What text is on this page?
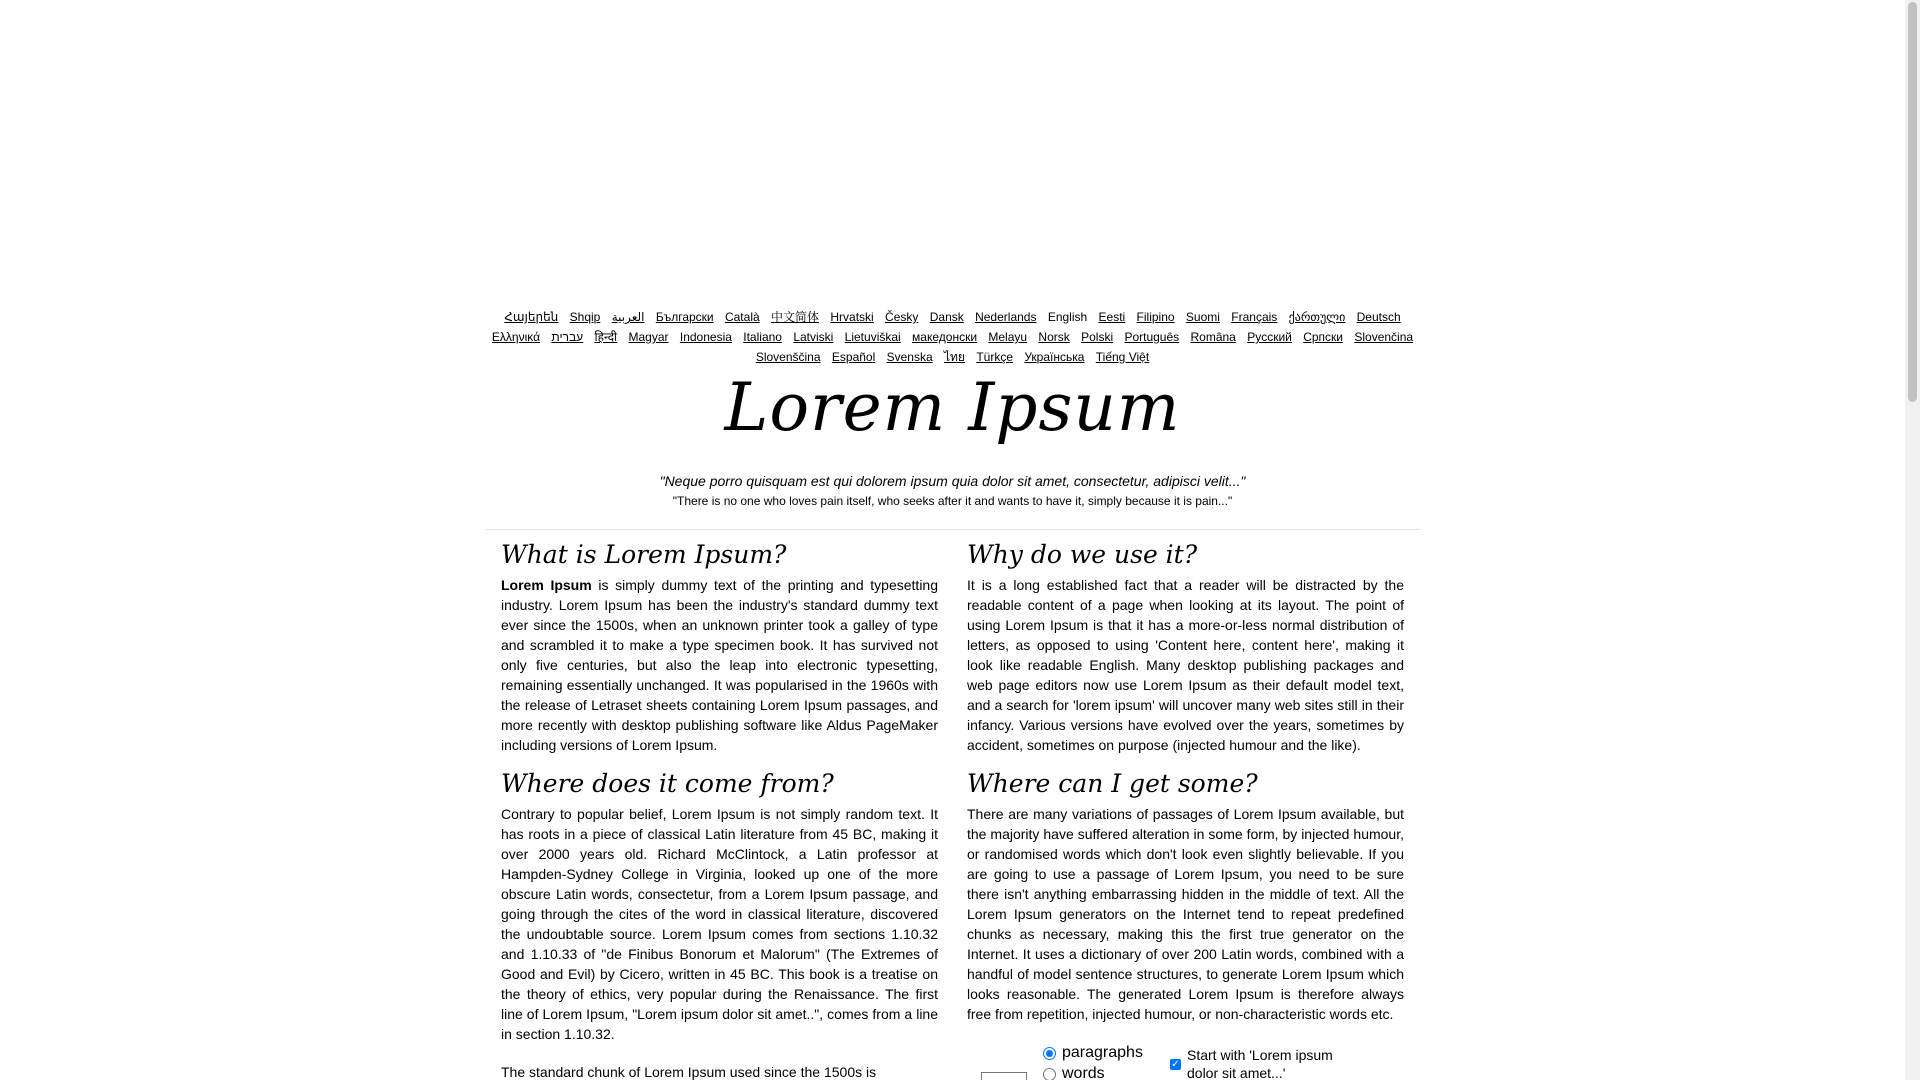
Հայերեն Shqip العربية Български Català 中文简体 Hrvatski Česky Dansk Nederlands English Eesti Filipino Suomi Français ქართული Deutsch Ελληνικά עברית हिन्दी Magyar Indonesia Italiano Latviski Lietuviškai македонски Melayu Norsk Polski Português Româna Pyccкий Српски Slovenčina Slovenščina Español Svenska ไทย Türkçe Українська Tiếng Việt
Lorem Ipsum
"Neque porro quisquam est qui dolorem ipsum quia dolor sit amet, consectetur, adipisci velit..."
"There is no one who loves pain itself, who seeks after it and wants to have it, simply because it is pain..."
What is Lorem Ipsum?

Lorem Ipsum is simply dummy text of the printing and typesetting industry. Lorem Ipsum has been the industry's standard dummy text ever since the 1500s, when an unknown printer took a galley of type and scrambled it to make a type specimen book. It has survived not only five centuries, but also the leap into electronic typesetting, remaining essentially unchanged. It was popularised in the 1960s with the release of Letraset sheets containing Lorem Ipsum passages, and more recently with desktop publishing software like Aldus PageMaker including versions of Lorem Ipsum.

Why do we use it?

It is a long established fact that a reader will be distracted by the readable content of a page when looking at its layout. The point of using Lorem Ipsum is that it has a more-or-less normal distribution of letters, as opposed to using 'Content here, content here', making it look like readable English. Many desktop publishing packages and web page editors now use Lorem Ipsum as their default model text, and a search for 'lorem ipsum' will uncover many web sites still in their infancy. Various versions have evolved over the years, sometimes by accident, sometimes on purpose (injected humour and the like).

Where does it come from?

Contrary to popular belief, Lorem Ipsum is not simply random text. It has roots in a piece of classical Latin literature from 45 BC, making it over 2000 years old. Richard McClintock, a Latin professor at Hampden-Sydney College in Virginia, looked up one of the more obscure Latin words, consectetur, from a Lorem Ipsum passage, and going through the cites of the word in classical literature, discovered the undoubtable source. Lorem Ipsum comes from sections 1.10.32 and 1.10.33 of "de Finibus Bonorum et Malorum" (The Extremes of Good and Evil) by Cicero, written in 45 BC. This book is a treatise on the theory of ethics, very popular during the Renaissance. The first line of Lorem Ipsum, "Lorem ipsum dolor sit amet..", comes from a line in section 1.10.32.

Where can I get some?

There are many variations of passages of Lorem Ipsum available, but the majority have suffered alteration in some form, by injected humour, or randomised words which don't look even slightly believable. If you are going to use a passage of Lorem Ipsum, you need to be sure there isn't anything embarrassing hidden in the middle of text. All the Lorem Ipsum generators on the Internet tend to repeat predefined chunks as necessary, making this the first true generator on the Internet. It uses a dictionary of over 200 Latin words, combined with a handful of model sentence structures, to generate Lorem Ipsum which looks reasonable. The generated Lorem Ipsum is therefore always free from repetition, injected humour, or non-characteristic words etc.

The standard chunk of Lorem Ipsum used since the 1500s is

paragraphs
words
✓
Start with 'Lorem ipsum dolor sit amet...'
